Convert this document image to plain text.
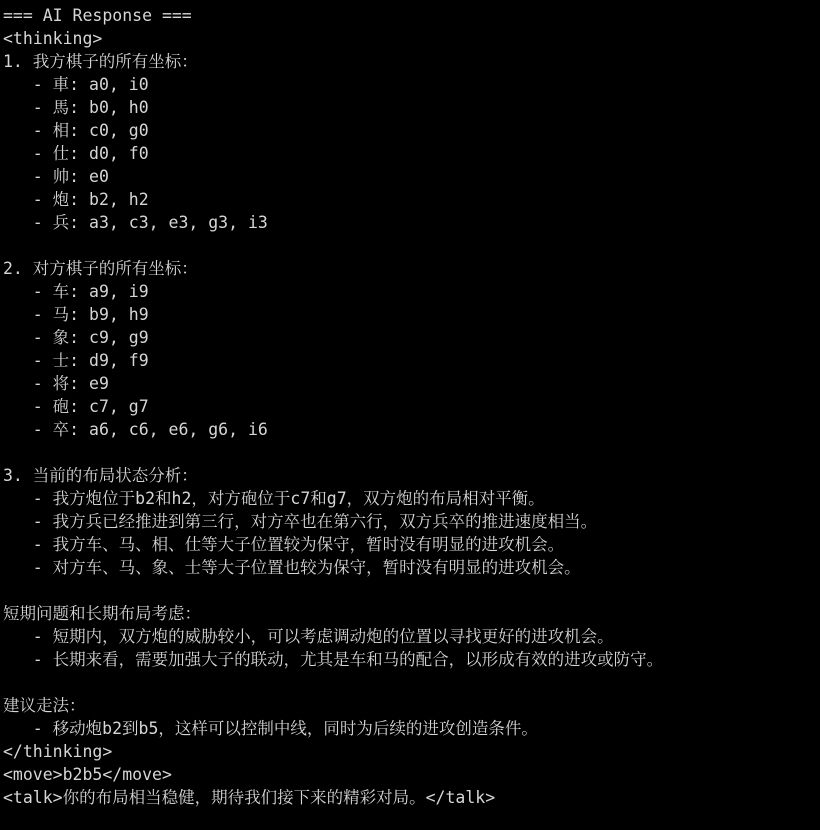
=== AI Response ===
<thinking>
1. 我方棋子的所有坐标：
- 車: a0, i0
- 馬: b0, h0
- 相: c0, g0
- 仕: d0, f0
- 帅: e0
- 炮: b2, h2
- 兵: a3, c3, e3, g3, i3
2. 对方棋子的所有坐标：
- 车: a9, i9
- 马: b9, h9
- 象: c9, g9
- 士: d9, f9
- 将: e9
- 砲: c7, g7
- 卒: a6, c6, e6, g6, i6
3. 当前的布局状态分析：
- 我方炮位于b2和h2，对方砲位于c7和g7，双方炮的布局相对平衡。
- 我方兵已经推进到第三行，对方卒也在第六行，双方兵卒的推进速度相当。
- 我方车、马、相、仕等大子位置较为保守，暂时没有明显的进攻机会。
- 对方车、马、象、士等大子位置也较为保守，暂时没有明显的进攻机会。
短期问题和长期布局考虑：
- 短期内，双方炮的威胁较小，可以考虑调动炮的位置以寻找更好的进攻机会。
- 长期来看，需要加强大子的联动，尤其是车和马的配合，以形成有效的进攻或防守。
建议走法：
- 移动炮b2到b5，这样可以控制中线，同时为后续的进攻创造条件。
</thinking>
<move>b2b5</move>
<talk>你的布局相当稳健，期待我们接下来的精彩对局。</talk>
